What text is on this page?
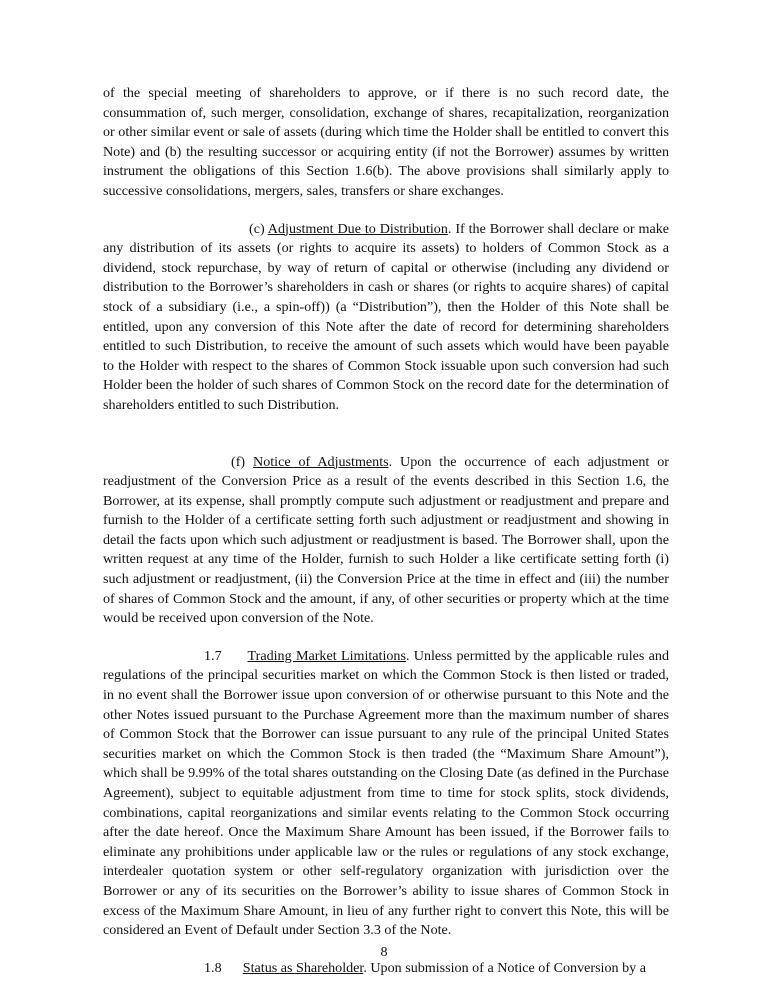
of the special meeting of shareholders to approve, or if there is no such record date, the consummation of, such merger, consolidation, exchange of shares, recapitalization, reorganization or other similar event or sale of assets (during which time the Holder shall be entitled to convert this Note) and (b) the resulting successor or acquiring entity (if not the Borrower) assumes by written instrument the obligations of this Section 1.6(b). The above provisions shall similarly apply to successive consolidations, mergers, sales, transfers or share exchanges.

(c) Adjustment Due to Distribution. If the Borrower shall declare or make any distribution of its assets (or rights to acquire its assets) to holders of Common Stock as a dividend, stock repurchase, by way of return of capital or otherwise (including any dividend or distribution to the Borrower’s shareholders in cash or shares (or rights to acquire shares) of capital stock of a subsidiary (i.e., a spin-off)) (a “Distribution”), then the Holder of this Note shall be entitled, upon any conversion of this Note after the date of record for determining shareholders entitled to such Distribution, to receive the amount of such assets which would have been payable to the Holder with respect to the shares of Common Stock issuable upon such conversion had such Holder been the holder of such shares of Common Stock on the record date for the determination of shareholders entitled to such Distribution.

(f) Notice of Adjustments. Upon the occurrence of each adjustment or readjustment of the Conversion Price as a result of the events described in this Section 1.6, the Borrower, at its expense, shall promptly compute such adjustment or readjustment and prepare and furnish to the Holder of a certificate setting forth such adjustment or readjustment and showing in detail the facts upon which such adjustment or readjustment is based. The Borrower shall, upon the written request at any time of the Holder, furnish to such Holder a like certificate setting forth (i) such adjustment or readjustment, (ii) the Conversion Price at the time in effect and (iii) the number of shares of Common Stock and the amount, if any, of other securities or property which at the time would be received upon conversion of the Note.

1.7 Trading Market Limitations. Unless permitted by the applicable rules and regulations of the principal securities market on which the Common Stock is then listed or traded, in no event shall the Borrower issue upon conversion of or otherwise pursuant to this Note and the other Notes issued pursuant to the Purchase Agreement more than the maximum number of shares of Common Stock that the Borrower can issue pursuant to any rule of the principal United States securities market on which the Common Stock is then traded (the “Maximum Share Amount”), which shall be 9.99% of the total shares outstanding on the Closing Date (as defined in the Purchase Agreement), subject to equitable adjustment from time to time for stock splits, stock dividends, combinations, capital reorganizations and similar events relating to the Common Stock occurring after the date hereof. Once the Maximum Share Amount has been issued, if the Borrower fails to eliminate any prohibitions under applicable law or the rules or regulations of any stock exchange, interdealer quotation system or other self-regulatory organization with jurisdiction over the Borrower or any of its securities on the Borrower’s ability to issue shares of Common Stock in excess of the Maximum Share Amount, in lieu of any further right to convert this Note, this will be considered an Event of Default under Section 3.3 of the Note.

1.8 Status as Shareholder. Upon submission of a Notice of Conversion by a

8
